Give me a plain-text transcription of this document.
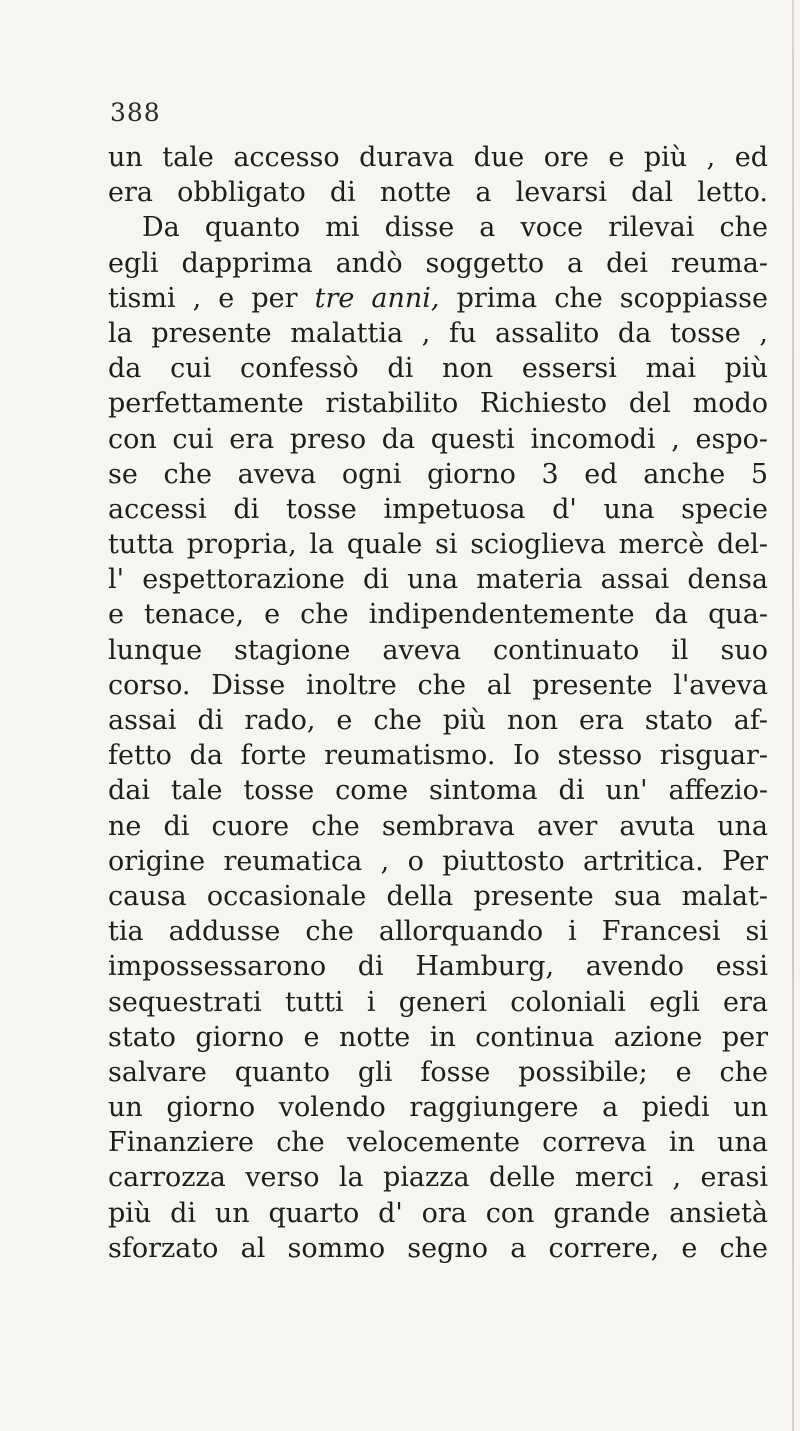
388
un tale accesso durava due ore e più , ed
era obbligato di notte a levarsi dal letto.
Da quanto mi disse a voce rilevai che
egli dapprima andò soggetto a dei reuma-
tismi , e per tre anni, prima che scoppiasse
la presente malattia , fu assalito da tosse ,
da cui confessò di non essersi mai più
perfettamente ristabilito Richiesto del modo
con cui era preso da questi incomodi , espo-
se che aveva ogni giorno 3 ed anche 5
accessi di tosse impetuosa d' una specie
tutta propria, la quale si scioglieva mercè del-
l' espettorazione di una materia assai densa
e tenace, e che indipendentemente da qua-
lunque stagione aveva continuato il suo
corso. Disse inoltre che al presente l'aveva
assai di rado, e che più non era stato af-
fetto da forte reumatismo. Io stesso risguar-
dai tale tosse come sintoma di un' affezio-
ne di cuore che sembrava aver avuta una
origine reumatica , o piuttosto artritica. Per
causa occasionale della presente sua malat-
tia addusse che allorquando i Francesi si
impossessarono di Hamburg, avendo essi
sequestrati tutti i generi coloniali egli era
stato giorno e notte in continua azione per
salvare quanto gli fosse possibile; e che
un giorno volendo raggiungere a piedi un
Finanziere che velocemente correva in una
carrozza verso la piazza delle merci , erasi
più di un quarto d' ora con grande ansietà
sforzato al sommo segno a correre, e che
